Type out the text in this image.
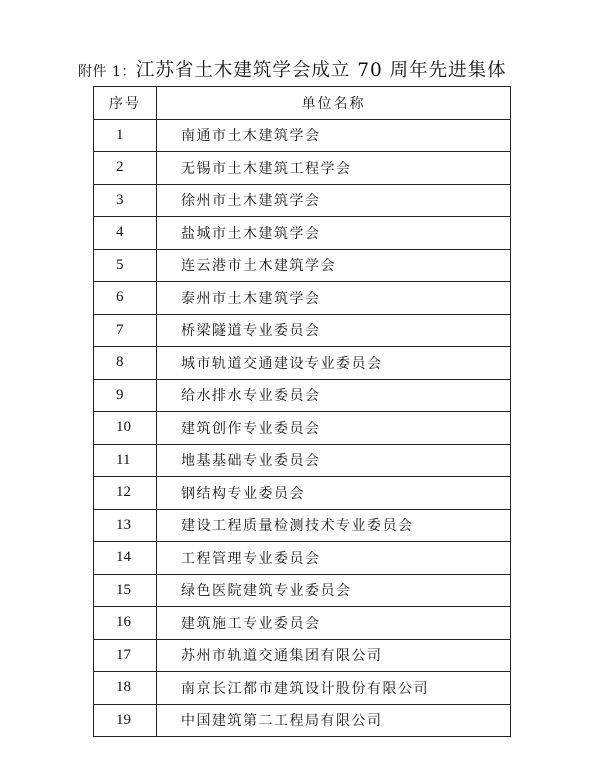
附件 1：江苏省土木建筑学会成立 70 周年先进集体
序号	单位名称
1	南通市土木建筑学会
2	无锡市土木建筑工程学会
3	徐州市土木建筑学会
4	盐城市土木建筑学会
5	连云港市土木建筑学会
6	泰州市土木建筑学会
7	桥梁隧道专业委员会
8	城市轨道交通建设专业委员会
9	给水排水专业委员会
10	建筑创作专业委员会
11	地基基础专业委员会
12	钢结构专业委员会
13	建设工程质量检测技术专业委员会
14	工程管理专业委员会
15	绿色医院建筑专业委员会
16	建筑施工专业委员会
17	苏州市轨道交通集团有限公司
18	南京长江都市建筑设计股份有限公司
19	中国建筑第二工程局有限公司
